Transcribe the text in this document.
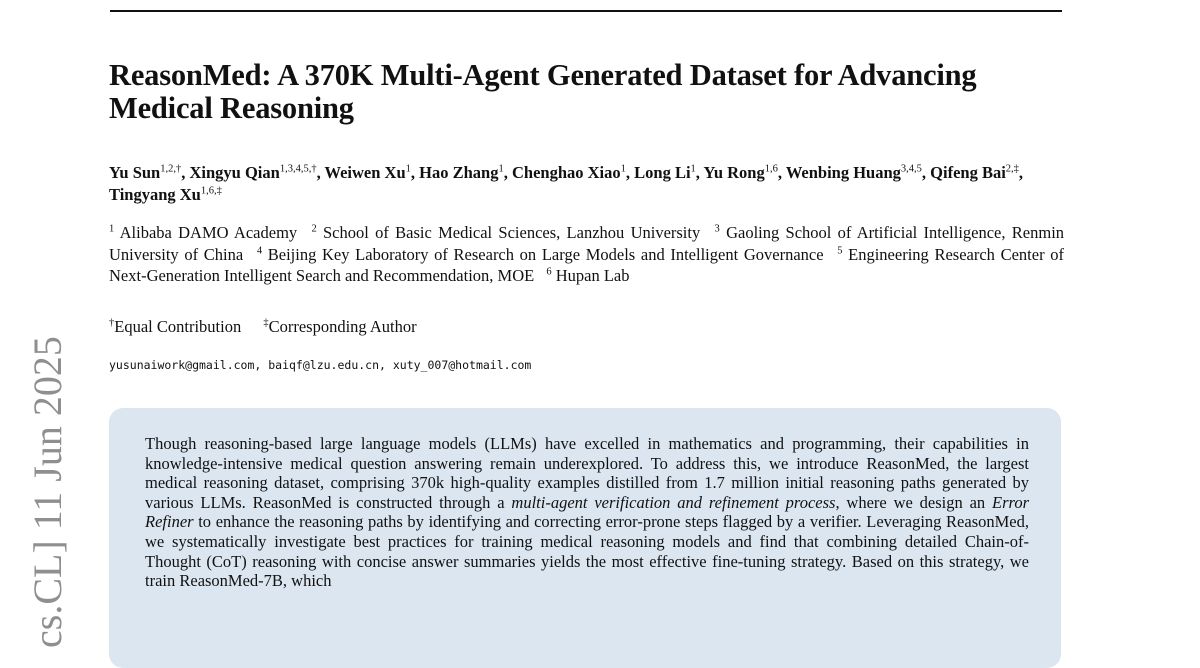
cs.CL] 11 Jun 2025
ReasonMed: A 370K Multi-Agent Generated Dataset for Advancing Medical Reasoning
Yu Sun$^{1,2,\dagger}$, Xingyu Qian$^{1,3,4,5,\dagger}$, Weiwen Xu$^1$, Hao Zhang$^1$, Chenghao Xiao$^1$, Long Li$^1$, Yu Rong$^{1,6}$, Wenbing Huang$^{3,4,5}$, Qifeng Bai$^{2,\ddagger}$, Tingyang $Xu^{1,6,\ddagger}$
$^1$ Alibaba DAMO Academy $^2$ School of Basic Medical Sciences, Lanzhou University $^3$ Gaoling School of Artificial Intelligence, Renmin University of China $^4$ Beijing Key Laboratory of Research on Large Models and Intelligent Governance $^5$ Engineering Research Center of Next-Generation Intelligent Search and Recommendation, MOE $^6$ Hupan Lab
†Equal Contribution ‡Corresponding Author
yusunaiwork@gmail.com, baiqf@lzu.edu.cn, xuty_007@hotmail.com

Though reasoning-based large language models (LLMs) have excelled in mathematics and programming, their capabilities in knowledge-intensive medical question answering remain underexplored. To address this, we introduce ReasonMed, the largest medical reasoning dataset, comprising 370k high-quality examples distilled from 1.7 million initial reasoning paths generated by various LLMs. ReasonMed is constructed through a multi-agent verification and refinement process, where we design an Error Refiner to enhance the reasoning paths by identifying and correcting error-prone steps flagged by a verifier. Leveraging ReasonMed, we systematically investigate best practices for training medical reasoning models and find that combining detailed Chain-of-Thought (CoT) reasoning with concise answer summaries yields the most effective fine-tuning strategy. Based on this strategy, we train ReasonMed-7B, which
